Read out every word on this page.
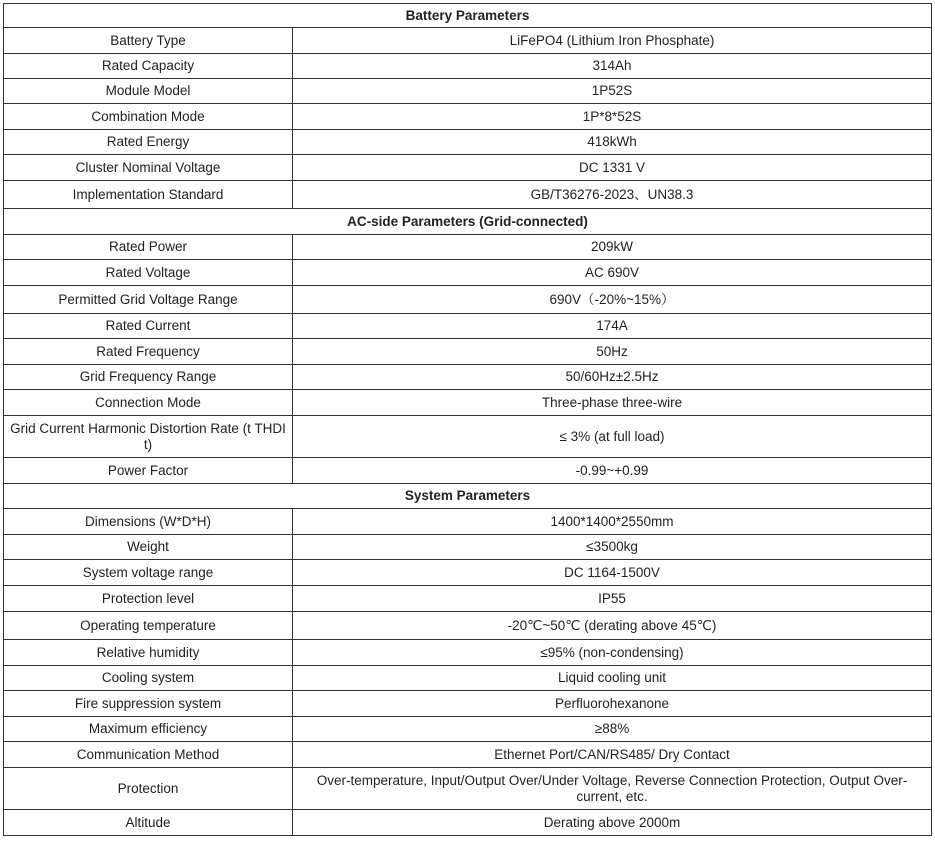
Battery Parameters	
Battery Type	LiFePO4 (Lithium Iron Phosphate)
Rated Capacity	314Ah
Module Model	1P52S
Combination Mode	1P*8*52S
Rated Energy	418kWh
Cluster Nominal Voltage	DC 1331 V
Implementation Standard	GB/T36276-2023、UN38.3
AC-side Parameters (Grid-connected)	
Rated Power	209kW
Rated Voltage	AC 690V
Permitted Grid Voltage Range	690V（-20%~15%）
Rated Current	174A
Rated Frequency	50Hz
Grid Frequency Range	50/60Hz±2.5Hz
Connection Mode	Three-phase three-wire
Grid Current Harmonic Distortion Rate (t THDI t)	≤ 3% (at full load)
Power Factor	-0.99~+0.99
System Parameters	
Dimensions (W*D*H)	1400*1400*2550mm
Weight	≤3500kg
System voltage range	DC 1164-1500V
Protection level	IP55
Operating temperature	-20℃~50℃ (derating above 45℃)
Relative humidity	≤95% (non-condensing)
Cooling system	Liquid cooling unit
Fire suppression system	Perfluorohexanone
Maximum efficiency	≥88%
Communication Method	Ethernet Port/CAN/RS485/ Dry Contact
Protection	Over-temperature, Input/Output Over/Under Voltage, Reverse Connection Protection, Output Over-current, etc.
Altitude	Derating above 2000m
